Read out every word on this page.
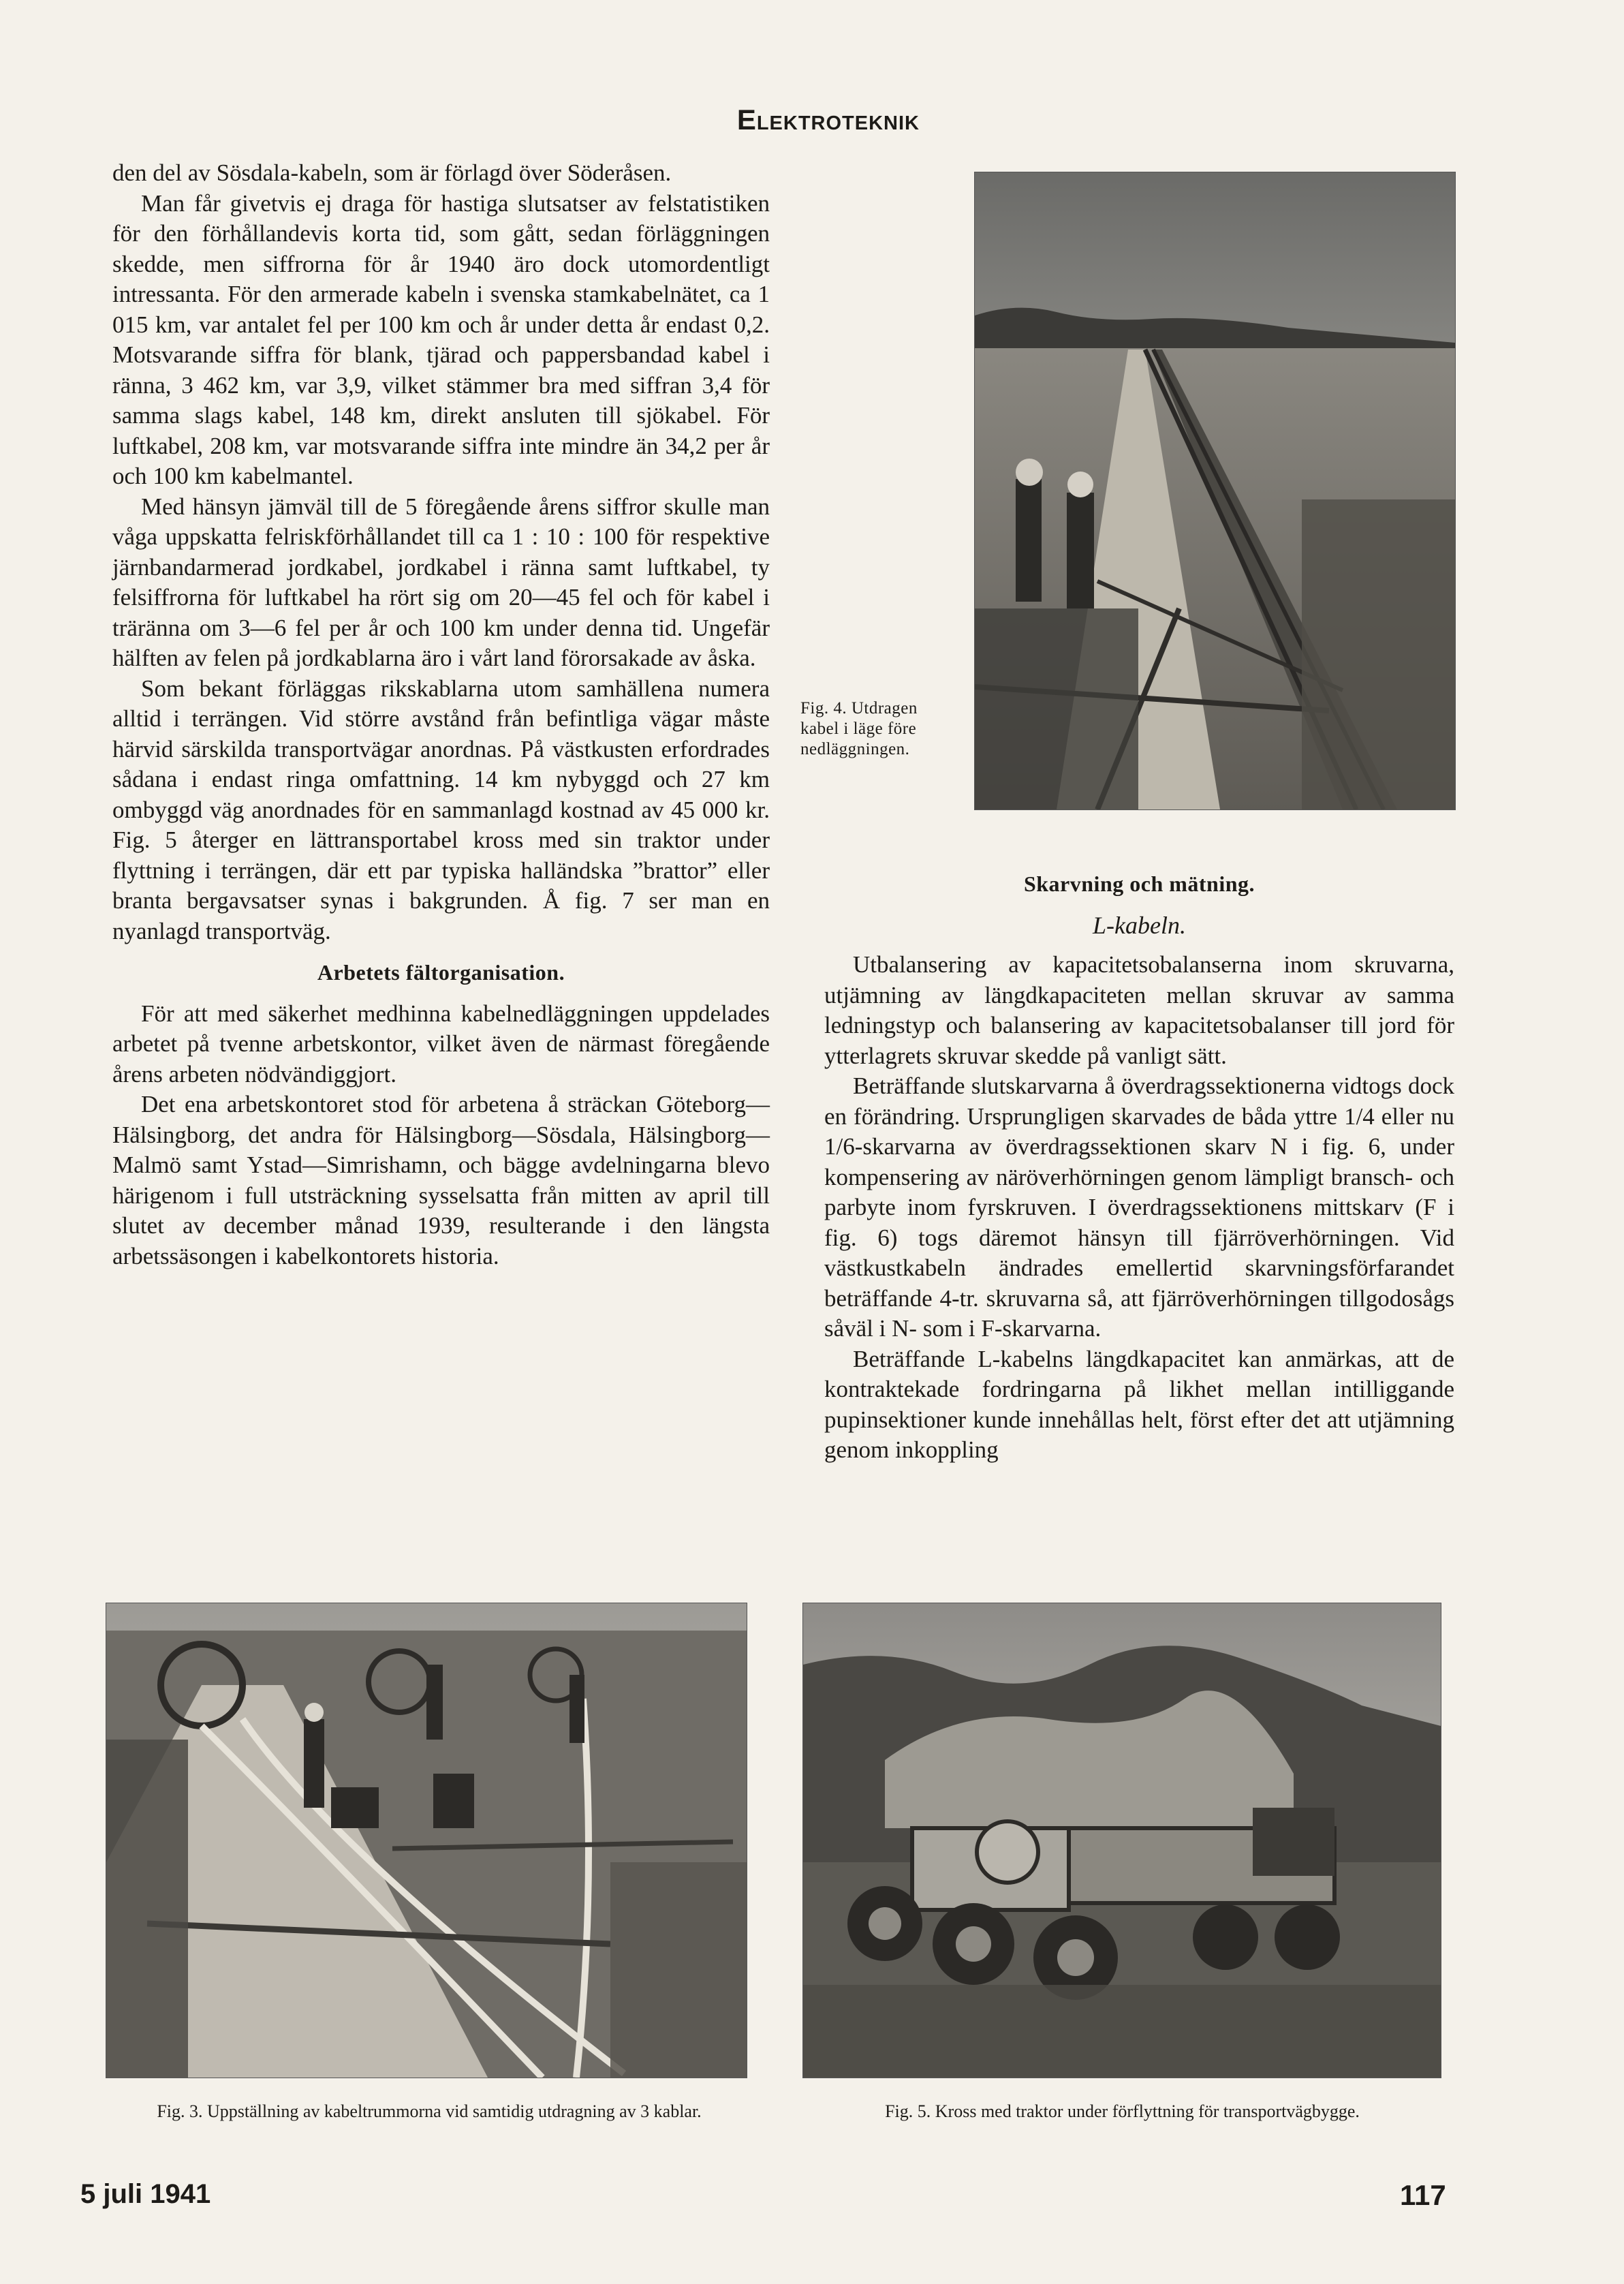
Elektroteknik

den del av Sösdala-kabeln, som är förlagd över Söderåsen.

Man får givetvis ej draga för hastiga slutsatser av felstatistiken för den förhållandevis korta tid, som gått, sedan förläggningen skedde, men siffrorna för år 1940 äro dock utomordentligt intressanta. För den armerade kabeln i svenska stamkabelnätet, ca 1 015 km, var antalet fel per 100 km och år under detta år endast 0,2. Motsvarande siffra för blank, tjärad och pappersbandad kabel i ränna, 3 462 km, var 3,9, vilket stämmer bra med siffran 3,4 för samma slags kabel, 148 km, direkt ansluten till sjökabel. För luftkabel, 208 km, var motsvarande siffra inte mindre än 34,2 per år och 100 km kabelmantel.

Med hänsyn jämväl till de 5 föregående årens siffror skulle man våga uppskatta felriskförhållandet till ca 1 : 10 : 100 för respektive järnbandarmerad jordkabel, jordkabel i ränna samt luftkabel, ty felsiffrorna för luftkabel ha rört sig om 20—45 fel och för kabel i träränna om 3—6 fel per år och 100 km under denna tid. Ungefär hälften av felen på jordkablarna äro i vårt land förorsakade av åska.

Som bekant förläggas rikskablarna utom samhällena numera alltid i terrängen. Vid större avstånd från befintliga vägar måste härvid särskilda transportvägar anordnas. På västkusten erfordrades sådana i endast ringa omfattning. 14 km nybyggd och 27 km ombyggd väg anordnades för en sammanlagd kostnad av 45 000 kr. Fig. 5 återger en lättransportabel kross med sin traktor under flyttning i terrängen, där ett par typiska halländska ”brattor” eller branta bergavsatser synas i bakgrunden. Å fig. 7 ser man en nyanlagd transportväg.

Arbetets fältorganisation.

För att med säkerhet medhinna kabelnedläggningen uppdelades arbetet på tvenne arbetskontor, vilket även de närmast föregående årens arbeten nödvändiggjort.

Det ena arbetskontoret stod för arbetena å sträckan Göteborg—Hälsingborg, det andra för Hälsingborg—Sösdala, Hälsingborg—Malmö samt Ystad—Simrishamn, och bägge avdelningarna blevo härigenom i full utsträckning sysselsatta från mitten av april till slutet av december månad 1939, resulterande i den längsta arbetssäsongen i kabelkontorets historia.

Fig. 4. Utdragen kabel i läge före nedläggningen.
Skarvning och mätning.
L-kabeln.

Utbalansering av kapacitetsobalanserna inom skruvarna, utjämning av längdkapaciteten mellan skruvar av samma ledningstyp och balansering av kapacitetsobalanser till jord för ytterlagrets skruvar skedde på vanligt sätt.

Beträffande slutskarvarna å överdragssektionerna vidtogs dock en förändring. Ursprungligen skarvades de båda yttre 1/4 eller nu 1/6-skarvarna av överdragssektionen skarv N i fig. 6, under kompensering av näröverhörningen genom lämpligt bransch- och parbyte inom fyrskruven. I överdragssektionens mittskarv (F i fig. 6) togs däremot hänsyn till fjärröverhörningen. Vid västkustkabeln ändrades emellertid skarvningsförfarandet beträffande 4-tr. skruvarna så, att fjärröverhörningen tillgodosågs såväl i N- som i F-skarvarna.

Beträffande L-kabelns längdkapacitet kan anmärkas, att de kontraktekade fordringarna på likhet mellan intilliggande pupinsektioner kunde innehållas helt, först efter det att utjämning genom inkoppling

Fig. 3. Uppställning av kabeltrummorna vid samtidig utdragning av 3 kablar.	Fig. 5. Kross med traktor under förflyttning för transportvägbygge.
5 juli 1941	117
